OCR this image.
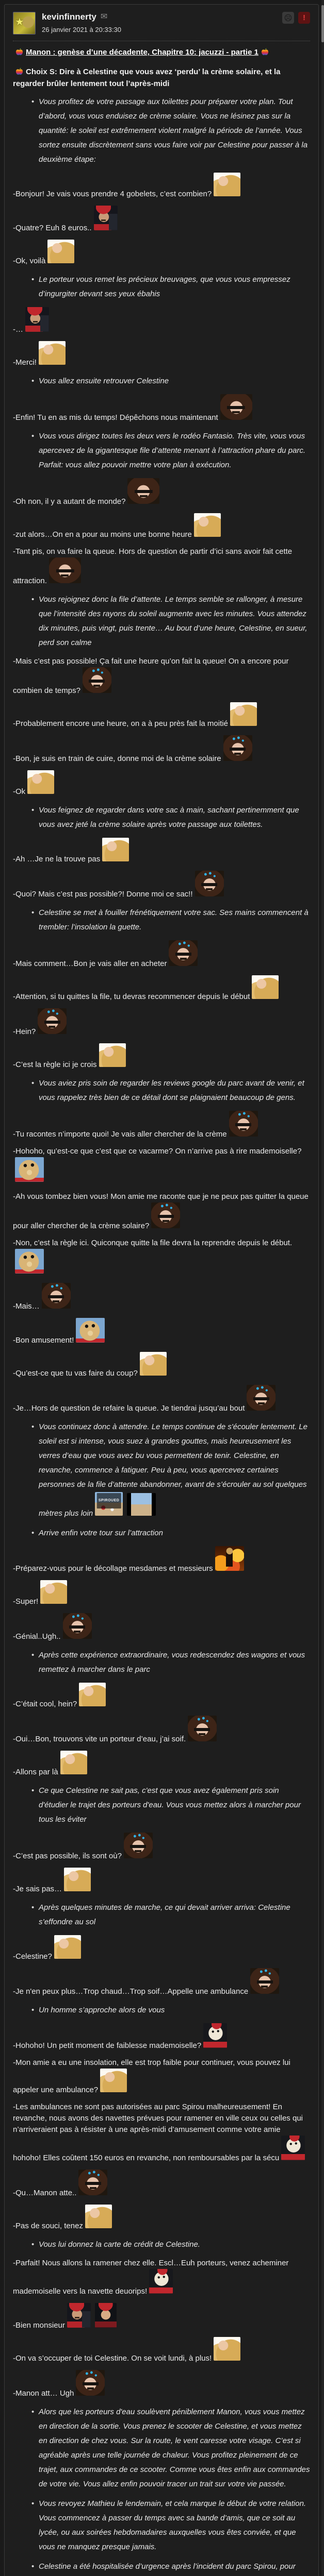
★
kevinfinnerty ✉
26 janvier 2021 à 20:33:30
☹	!
Manon : genèse d’une décadente, Chapitre 10: jacuzzi - partie 1

Choix S: Dire à Celestine que vous avez ‘perdu’ la crème solaire, et la regarder brûler lentement tout l’après-midi

• Vous profitez de votre passage aux toilettes pour préparer votre plan. Tout d’abord, vous vous enduisez de crème solaire. Vous ne lésinez pas sur la quantité: le soleil est extrêmement violent malgré la période de l’année. Vous sortez ensuite discrètement sans vous faire voir par Celestine pour passer à la deuxième étape:
-Bonjour! Je vais vous prendre 4 gobelets, c’est combien?
-Quatre? Euh 8 euros..
-Ok, voilà
• Le porteur vous remet les précieux breuvages, que vous vous empressez d’ingurgiter devant ses yeux ébahis
-…
-Merci!
• Vous allez ensuite retrouver Celestine
-Enfin! Tu en as mis du temps! Dépêchons nous maintenant
• Vous vous dirigez toutes les deux vers le rodéo Fantasio. Très vite, vous vous apercevez de la gigantesque file d’attente menant à l’attraction phare du parc. Parfait: vous allez pouvoir mettre votre plan à exécution.
-Oh non, il y a autant de monde?
-zut alors…On en a pour au moins une bonne heure
-Tant pis, on va faire la queue. Hors de question de partir d’ici sans avoir fait cette attraction.
• Vous rejoignez donc la file d’attente. Le temps semble se rallonger, à mesure que l’intensité des rayons du soleil augmente avec les minutes. Vous attendez dix minutes, puis vingt, puis trente… Au bout d’une heure, Celestine, en sueur, perd son calme
-Mais c’est pas possible! Ça fait une heure qu’on fait la queue! On a encore pour combien de temps?
-Probablement encore une heure, on a à peu près fait la moitié
-Bon, je suis en train de cuire, donne moi de la crème solaire
-Ok
• Vous feignez de regarder dans votre sac à main, sachant pertinemment que vous avez jeté la crème solaire après votre passage aux toilettes.
-Ah …Je ne la trouve pas
-Quoi? Mais c’est pas possible?! Donne moi ce sac!!
• Celestine se met à fouiller frénétiquement votre sac. Ses mains commencent à trembler: l’insolation la guette.
-Mais comment…Bon je vais aller en acheter
-Attention, si tu quittes la file, tu devras recommencer depuis le début
-Hein?
-C’est la règle ici je crois
• Vous aviez pris soin de regarder les reviews google du parc avant de venir, et vous rappelez très bien de ce détail dont se plaignaient beaucoup de gens.
-Tu racontes n’importe quoi! Je vais aller chercher de la crème
-Hohoho, qu’est-ce que c’est que ce vacarme? On n’arrive pas à rire mademoiselle?
-Ah vous tombez bien vous! Mon amie me raconte que je ne peux pas quitter la queue pour aller chercher de la crème solaire?
-Non, c’est la règle ici. Quiconque quitte la file devra la reprendre depuis le début.
-Mais…
-Bon amusement!
-Qu’est-ce que tu vas faire du coup?
-Je…Hors de question de refaire la queue. Je tiendrai jusqu’au bout
• Vous continuez donc à attendre. Le temps continue de s'écouler lentement. Le soleil est si intense, vous suez à grandes gouttes, mais heureusement les verres d’eau que vous avez bu vous permettent de tenir. Celestine, en revanche, commence à fatiguer. Peu à peu, vous apercevez certaines personnes de la file d’attente abandonner, avant de s’écrouler au sol quelques mètres plus loin
SPIROUED
• Arrive enfin votre tour sur l’attraction
-Préparez-vous pour le décollage mesdames et messieurs
-Super!
-Génial..Ugh..
• Après cette expérience extraordinaire, vous redescendez des wagons et vous remettez à marcher dans le parc
-C’était cool, hein?
-Oui…Bon, trouvons vite un porteur d’eau, j’ai soif.
-Allons par là
• Ce que Celestine ne sait pas, c'est que vous avez également pris soin d'étudier le trajet des porteurs d'eau. Vous vous mettez alors à marcher pour tous les éviter
-C’est pas possible, ils sont où?
-Je sais pas…
• Après quelques minutes de marche, ce qui devait arriver arriva: Celestine s’effondre au sol
-Celestine?
-Je n'en peux plus…Trop chaud…Trop soif…Appelle une ambulance
• Un homme s’approche alors de vous
-Hohoho! Un petit moment de faiblesse mademoiselle?
-Mon amie a eu une insolation, elle est trop faible pour continuer, vous pouvez lui appeler une ambulance?
-Les ambulances ne sont pas autorisées au parc Spirou malheureusement! En revanche, nous avons des navettes prévues pour ramener en ville ceux ou celles qui n’arriveraient pas à résister à une après-midi d’amusement comme votre amie hohoho! Elles coûtent 150 euros en revanche, non remboursables par la sécu
-Qu…Manon atte..
-Pas de souci, tenez
• Vous lui donnez la carte de crédit de Celestine.
-Parfait! Nous allons la ramener chez elle. Escl…Euh porteurs, venez acheminer mademoiselle vers la navette deuorips!
-Bien monsieur
-On va s’occuper de toi Celestine. On se voit lundi, à plus!
-Manon att… Ugh
• Alors que les porteurs d'eau soulèvent péniblement Manon, vous vous mettez en direction de la sortie. Vous prenez le scooter de Celestine, et vous mettez en direction de chez vous. Sur la route, le vent caresse votre visage. C’est si agréable après une telle journée de chaleur. Vous profitez pleinement de ce trajet, aux commandes de ce scooter. Comme vous êtes enfin aux commandes de votre vie. Vous allez enfin pouvoir tracer un trait sur votre vie passée.
• Vous revoyez Mathieu le lendemain, et cela marque le début de votre relation. Vous commencez à passer du temps avec sa bande d’amis, que ce soit au lycée, ou aux soirées hebdomadaires auxquelles vous êtes conviée, et que vous ne manquez presque jamais.
• Celestine a été hospitalisée d’urgence après l’incident du parc Spirou, pour
